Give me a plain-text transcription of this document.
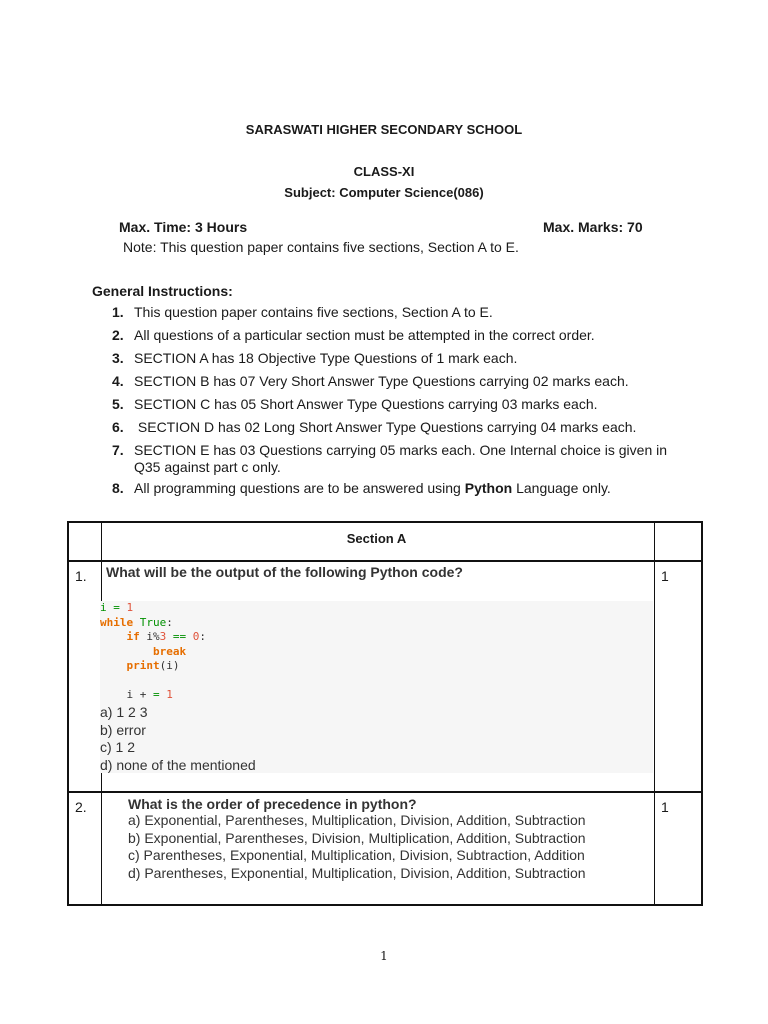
SARASWATI HIGHER SECONDARY SCHOOL
CLASS-XI
Subject: Computer Science(086)
Max. Time: 3 Hours	Max. Marks: 70
Note: This question paper contains five sections, Section A to E.
General Instructions:
1. This question paper contains five sections, Section A to E.
2. All questions of a particular section must be attempted in the correct order.
3. SECTION A has 18 Objective Type Questions of 1 mark each.
4. SECTION B has 07 Very Short Answer Type Questions carrying 02 marks each.
5. SECTION C has 05 Short Answer Type Questions carrying 03 marks each.
6. SECTION D has 02 Long Short Answer Type Questions carrying 04 marks each.
7. SECTION E has 03 Questions carrying 05 marks each. One Internal choice is given in Q35 against part c only.
8. All programming questions are to be answered using Python Language only.
Section A
1. What will be the output of the following Python code?	1
i = 1
while True:
if i%3 == 0:
break
print(i)

i + = 1
a) 1 2 3
b) error
c) 1 2
d) none of the mentioned
2.	What is the order of precedence in python?	1
a) Exponential, Parentheses, Multiplication, Division, Addition, Subtraction
b) Exponential, Parentheses, Division, Multiplication, Addition, Subtraction
c) Parentheses, Exponential, Multiplication, Division, Subtraction, Addition
d) Parentheses, Exponential, Multiplication, Division, Addition, Subtraction
1
